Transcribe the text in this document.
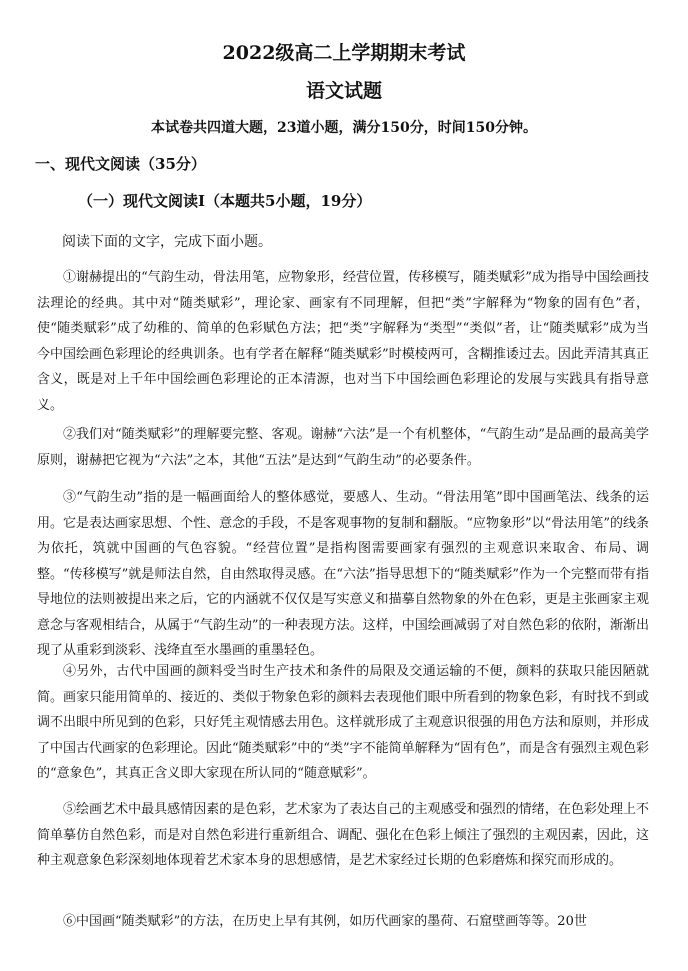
2022级高二上学期期末考试
语文试题
本试卷共四道大题，23道小题，满分150分，时间150分钟。
一、现代文阅读（35分）
（一）现代文阅读Ⅰ（本题共5小题，19分）
阅读下面的文字，完成下面小题。

①谢赫提出的“气韵生动，骨法用笔，应物象形，经营位置，传移模写，随类赋彩”成为指导中国绘画技法理论的经典。其中对“随类赋彩”，理论家、画家有不同理解，但把“类”字解释为“物象的固有色”者，使“随类赋彩”成了幼稚的、简单的色彩赋色方法；把“类”字解释为“类型”“类似”者，让“随类赋彩”成为当今中国绘画色彩理论的经典训条。也有学者在解释“随类赋彩”时模棱两可，含糊推诿过去。因此弄清其真正含义，既是对上千年中国绘画色彩理论的正本清源，也对当下中国绘画色彩理论的发展与实践具有指导意义。

②我们对“随类赋彩”的理解要完整、客观。谢赫“六法”是一个有机整体，“气韵生动”是品画的最高美学原则，谢赫把它视为“六法”之本，其他“五法”是达到“气韵生动”的必要条件。

③“气韵生动”指的是一幅画面给人的整体感觉，要感人、生动。“骨法用笔”即中国画笔法、线条的运用。它是表达画家思想、个性、意念的手段，不是客观事物的复制和翻版。“应物象形”以“骨法用笔”的线条为依托，筑就中国画的气色容貌。“经营位置”是指构图需要画家有强烈的主观意识来取舍、布局、调整。“传移模写”就是师法自然，自由然取得灵感。在“六法”指导思想下的“随类赋彩”作为一个完整而带有指导地位的法则被提出来之后，它的内涵就不仅仅是写实意义和描摹自然物象的外在色彩，更是主张画家主观意念与客观相结合，从属于“气韵生动”的一种表现方法。这样，中国绘画减弱了对自然色彩的依附，渐渐出现了从重彩到淡彩、浅绛直至水墨画的重墨轻色。

④另外，古代中国画的颜料受当时生产技术和条件的局限及交通运输的不便，颜料的获取只能因陋就简。画家只能用简单的、接近的、类似于物象色彩的颜料去表现他们眼中所看到的物象色彩，有时找不到或调不出眼中所见到的色彩，只好凭主观情感去用色。这样就形成了主观意识很强的用色方法和原则，并形成了中国古代画家的色彩理论。因此“随类赋彩”中的“类”字不能简单解释为“固有色”，而是含有强烈主观色彩的“意象色”，其真正含义即大家现在所认同的“随意赋彩”。

⑤绘画艺术中最具感情因素的是色彩，艺术家为了表达自己的主观感受和强烈的情绪，在色彩处理上不简单摹仿自然色彩，而是对自然色彩进行重新组合、调配、强化在色彩上倾注了强烈的主观因素，因此，这种主观意象色彩深刻地体现着艺术家本身的思想感情，是艺术家经过长期的色彩磨炼和探究而形成的。

⑥中国画“随类赋彩”的方法，在历史上早有其例，如历代画家的墨荷、石窟壁画等等。20世
